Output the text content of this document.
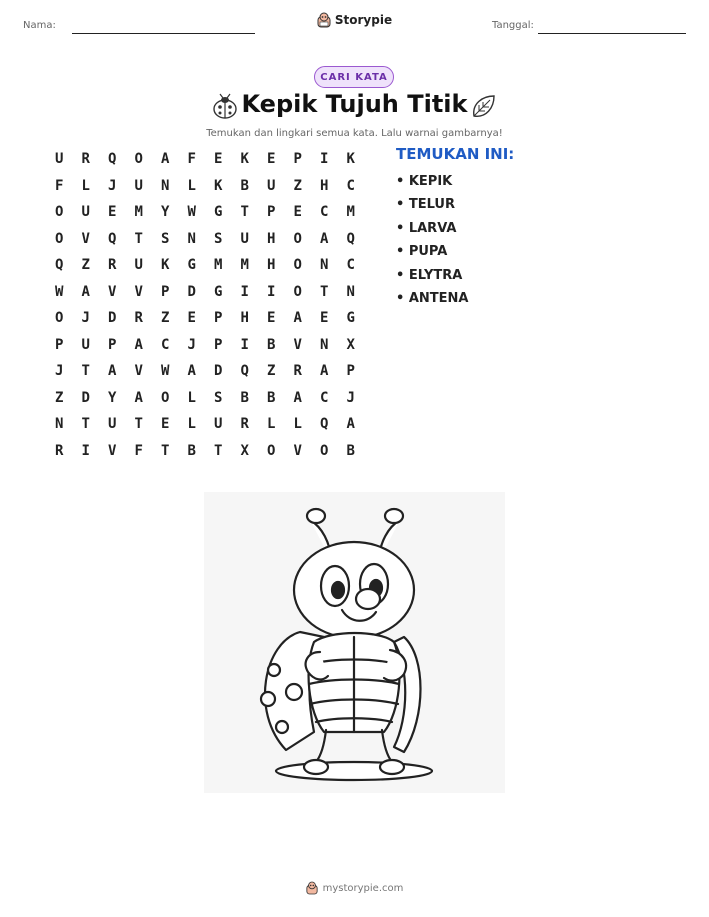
Nama:	Storypie	Tanggal:
CARI KATA
Kepik Tujuh Titik
Temukan dan lingkari semua kata. Lalu warnai gambarnya!
U	R	Q	O	A	F	E	K	E	P	I	K
F	L	J	U	N	L	K	B	U	Z	H	C
O	U	E	M	Y	W	G	T	P	E	C	M
O	V	Q	T	S	N	S	U	H	O	A	Q
Q	Z	R	U	K	G	M	M	H	O	N	C
W	A	V	V	P	D	G	I	I	O	T	N
O	J	D	R	Z	E	P	H	E	A	E	G
P	U	P	A	C	J	P	I	B	V	N	X
J	T	A	V	W	A	D	Q	Z	R	A	P
Z	D	Y	A	O	L	S	B	B	A	C	J
N	T	U	T	E	L	U	R	L	L	Q	A
R	I	V	F	T	B	T	X	O	V	O	B
TEMUKAN INI:
• KEPIK
• TELUR
• LARVA
• PUPA
• ELYTRA
• ANTENA
mystorypie.com
